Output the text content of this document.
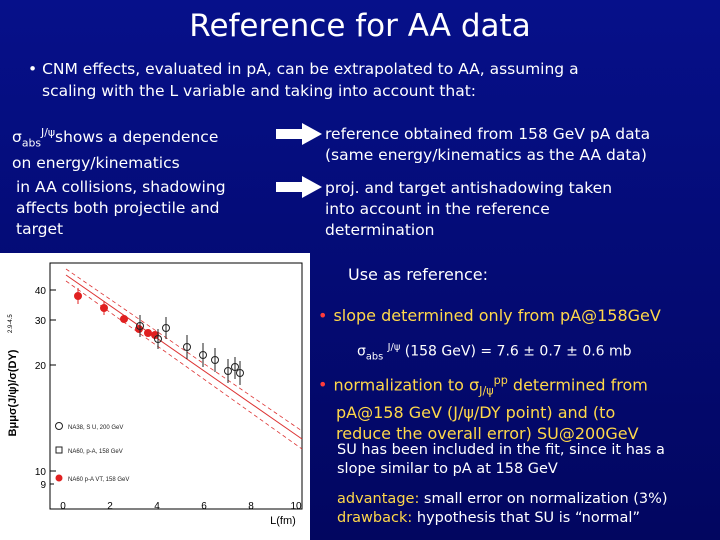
Reference for AA data
• CNM effects, evaluated in pA, can be extrapolated to AA, assuming a
scaling with the L variable and taking into account that:
$\sigma_{abs}^{J/\psi}shows$ a dependence
on energy/kinematics
reference obtained from 158 GeV pA data
(same energy/kinematics as the AA data)
in AA collisions, shadowing
affects both projectile and
target
proj. and target antishadowing taken
into account in the reference
determination
Bμμσ(J/ψ)/σ(DY)
2.9-4.5
40
30
20
10
9
0	2	4	6	8	10
L(fm)
NA38, S U, 200 GeV
NA60, p-A, 158 GeV
NA60 p-A VT, 158 GeV
Use as reference:
• slope determined only from pA@158GeV
$\sigma_{abs}$ $^{J/\psi}$ (158 GeV) = 7.6 ± 0.7 ± 0.6 mb
• normalization to $\sigma_{J/\psi}^{pp}$ determined from
pA@158 GeV (J/ψ/DY point) and (to
reduce the overall error) SU@200GeV
SU has been included in the fit, since it has a
slope similar to pA at 158 GeV
advantage: small error on normalization (3%)
drawback: hypothesis that SU is “normal”
